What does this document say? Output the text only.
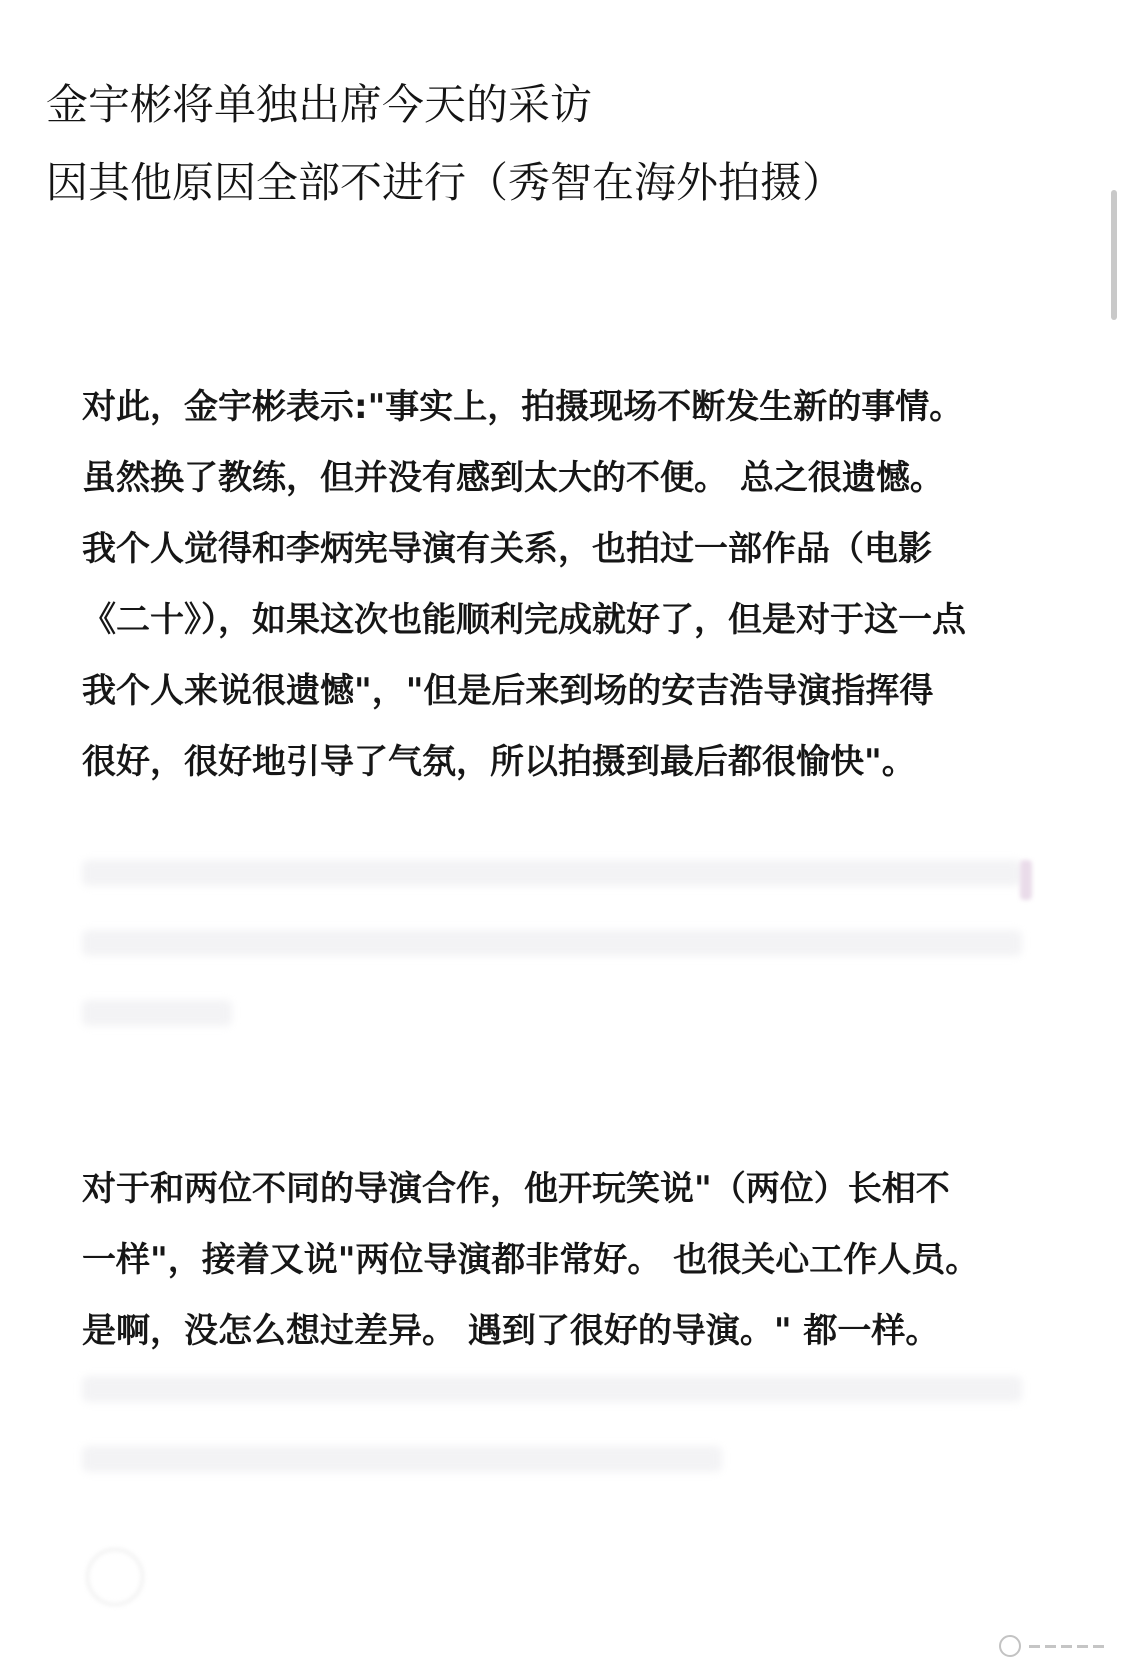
金宇彬将单独出席今天的采访
因其他原因全部不进行（秀智在海外拍摄）
对此，金宇彬表示:"事实上，拍摄现场不断发生新的事情。
虽然换了教练，但并没有感到太大的不便。 总之很遗憾。
我个人觉得和李炳宪导演有关系，也拍过一部作品（电影
《二十》），如果这次也能顺利完成就好了，但是对于这一点
我个人来说很遗憾"，"但是后来到场的安吉浩导演指挥得
很好，很好地引导了气氛，所以拍摄到最后都很愉快"。
对于和两位不同的导演合作，他开玩笑说"（两位）长相不
一样"，接着又说"两位导演都非常好。 也很关心工作人员。
是啊，没怎么想过差异。 遇到了很好的导演。" 都一样。
